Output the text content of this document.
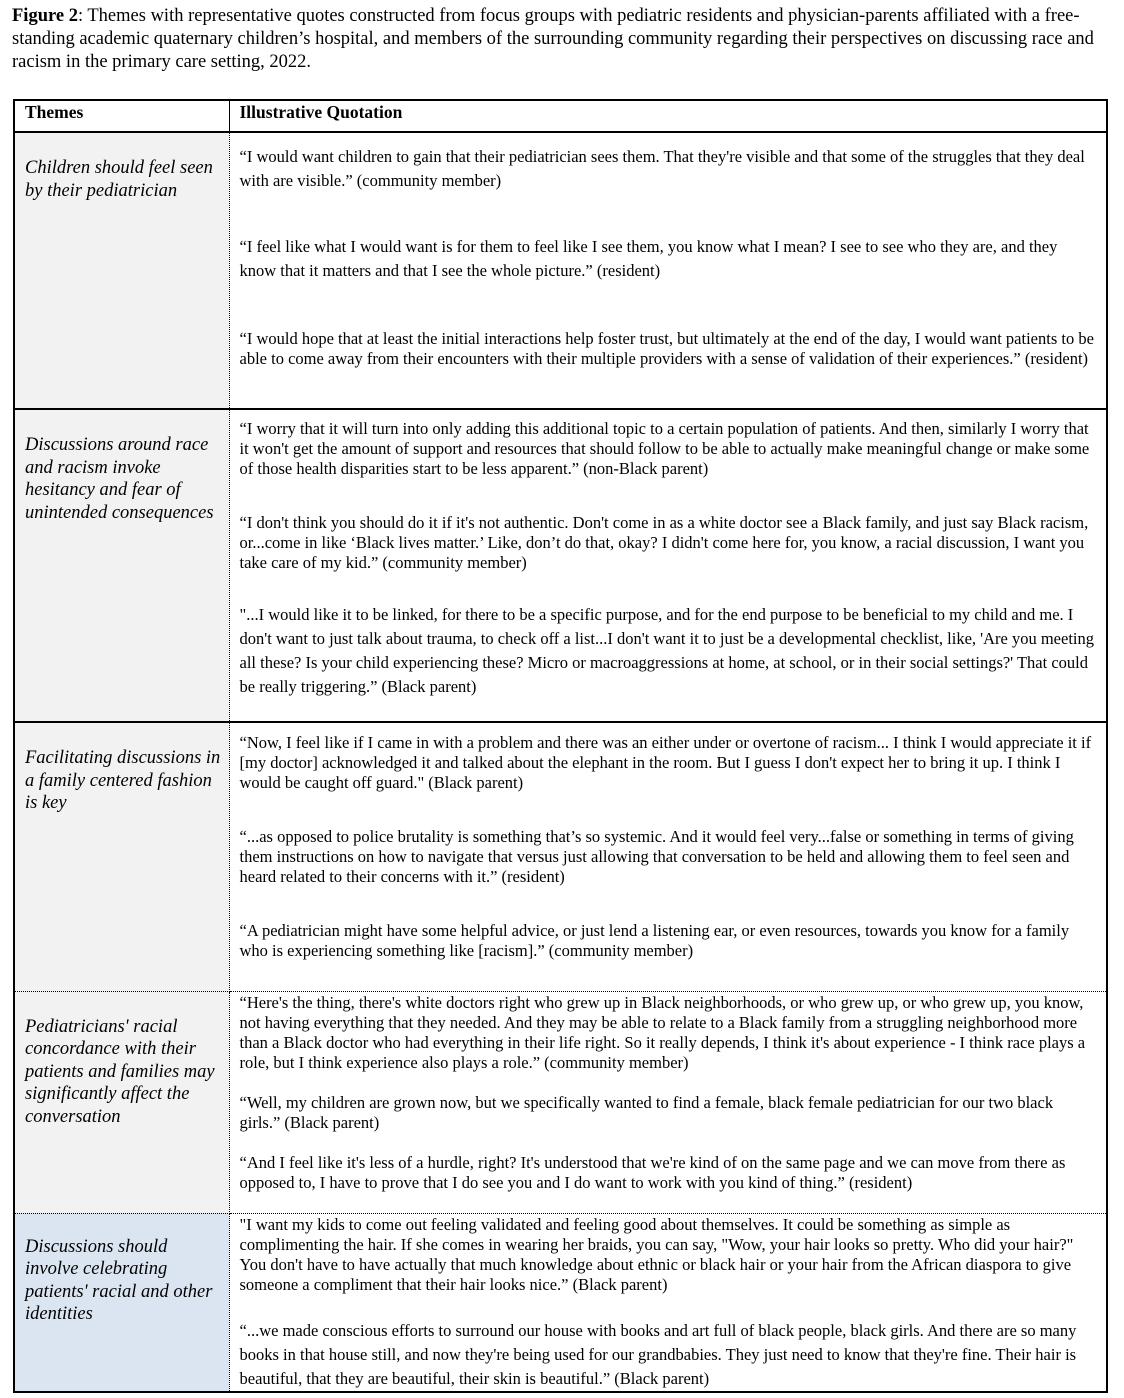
Figure 2: Themes with representative quotes constructed from focus groups with pediatric residents and physician-parents affiliated with a free-standing academic quaternary children’s hospital, and members of the surrounding community regarding their perspectives on discussing race and racism in the primary care setting, 2022.
Themes	Illustrative Quotation
Children should feel seen by their pediatrician	“I would want children to gain that their pediatrician sees them. That they're visible and that some of the struggles that they deal with are visible.” (community member)

“I feel like what I would want is for them to feel like I see them, you know what I mean? I see to see who they are, and they know that it matters and that I see the whole picture.” (resident)

“I would hope that at least the initial interactions help foster trust, but ultimately at the end of the day, I would want patients to be able to come away from their encounters with their multiple providers with a sense of validation of their experiences.” (resident)

Discussions around race and racism invoke hesitancy and fear of unintended consequences	“I worry that it will turn into only adding this additional topic to a certain population of patients. And then, similarly I worry that it won't get the amount of support and resources that should follow to be able to actually make meaningful change or make some of those health disparities start to be less apparent.” (non-Black parent)

“I don't think you should do it if it's not authentic. Don't come in as a white doctor see a Black family, and just say Black racism, or...come in like ‘Black lives matter.’ Like, don’t do that, okay? I didn't come here for, you know, a racial discussion, I want you take care of my kid.” (community member)

"...I would like it to be linked, for there to be a specific purpose, and for the end purpose to be beneficial to my child and me. I don't want to just talk about trauma, to check off a list...I don't want it to just be a developmental checklist, like, 'Are you meeting all these? Is your child experiencing these? Micro or macroaggressions at home, at school, or in their social settings?' That could be really triggering.” (Black parent)

Facilitating discussions in a family centered fashion is key	“Now, I feel like if I came in with a problem and there was an either under or overtone of racism... I think I would appreciate it if [my doctor] acknowledged it and talked about the elephant in the room. But I guess I don't expect her to bring it up. I think I would be caught off guard." (Black parent)

“...as opposed to police brutality is something that’s so systemic. And it would feel very...false or something in terms of giving them instructions on how to navigate that versus just allowing that conversation to be held and allowing them to feel seen and heard related to their concerns with it.” (resident)

“A pediatrician might have some helpful advice, or just lend a listening ear, or even resources, towards you know for a family who is experiencing something like [racism].” (community member)

Pediatricians' racial concordance with their patients and families may significantly affect the conversation	“Here's the thing, there's white doctors right who grew up in Black neighborhoods, or who grew up, or who grew up, you know, not having everything that they needed. And they may be able to relate to a Black family from a struggling neighborhood more than a Black doctor who had everything in their life right. So it really depends, I think it's about experience - I think race plays a role, but I think experience also plays a role.” (community member)

“Well, my children are grown now, but we specifically wanted to find a female, black female pediatrician for our two black girls.” (Black parent)

“And I feel like it's less of a hurdle, right? It's understood that we're kind of on the same page and we can move from there as opposed to, I have to prove that I do see you and I do want to work with you kind of thing.” (resident)

Discussions should involve celebrating patients' racial and other identities	"I want my kids to come out feeling validated and feeling good about themselves. It could be something as simple as complimenting the hair. If she comes in wearing her braids, you can say, "Wow, your hair looks so pretty. Who did your hair?" You don't have to have actually that much knowledge about ethnic or black hair or your hair from the African diaspora to give someone a compliment that their hair looks nice.” (Black parent)

“...we made conscious efforts to surround our house with books and art full of black people, black girls. And there are so many books in that house still, and now they're being used for our grandbabies. They just need to know that they're fine. Their hair is beautiful, that they are beautiful, their skin is beautiful.” (Black parent)
